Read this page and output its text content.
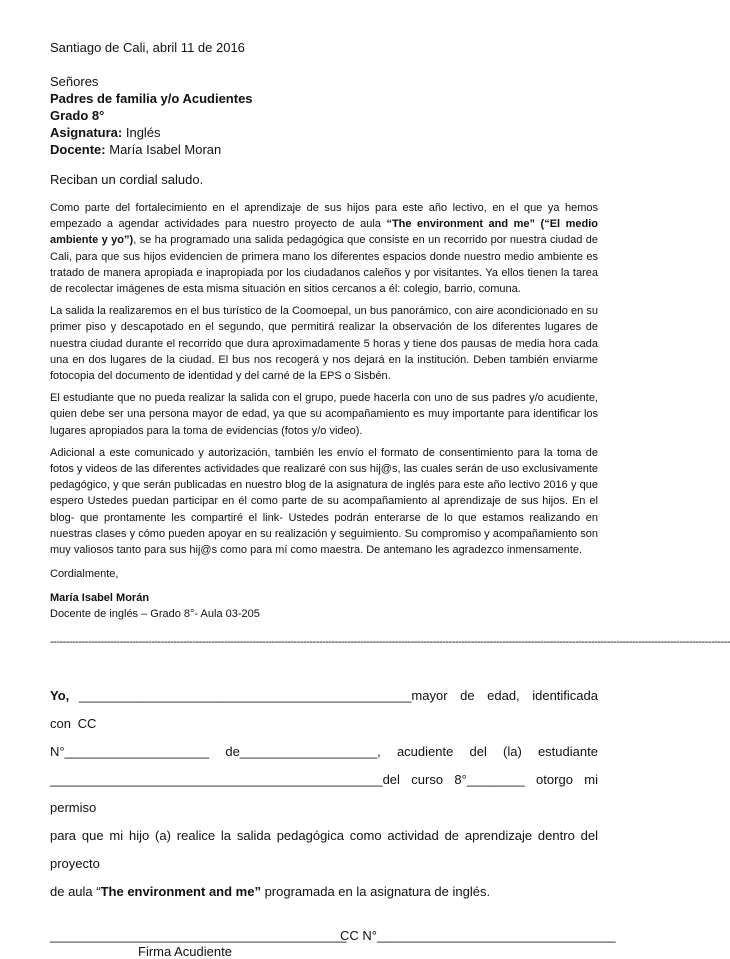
Santiago de Cali, abril 11 de 2016
Señores
Padres de familia y/o Acudientes
Grado 8°
Asignatura: Inglés
Docente: María Isabel Moran
Reciban un cordial saludo.

Como parte del fortalecimiento en el aprendizaje de sus hijos para este año lectivo, en el que ya hemos empezado a agendar actividades para nuestro proyecto de aula “The environment and me” (“El medio ambiente y yo”), se ha programado una salida pedagógica que consiste en un recorrido por nuestra ciudad de Cali, para que sus hijos evidencien de primera mano los diferentes espacios donde nuestro medio ambiente es tratado de manera apropiada e inapropiada por los ciudadanos caleños y por visitantes. Ya ellos tienen la tarea de recolectar imágenes de esta misma situación en sitios cercanos a él: colegio, barrio, comuna.

La salida la realizaremos en el bus turístico de la Coomoepal, un bus panorámico, con aire acondicionado en su primer piso y descapotado en el segundo, que permitirá realizar la observación de los diferentes lugares de nuestra ciudad durante el recorrido que dura aproximadamente 5 horas y tiene dos pausas de media hora cada una en dos lugares de la ciudad. El bus nos recogerá y nos dejará en la institución. Deben también enviarme fotocopia del documento de identidad y del carné de la EPS o Sisbén.

El estudiante que no pueda realizar la salida con el grupo, puede hacerla con uno de sus padres y/o acudiente, quien debe ser una persona mayor de edad, ya que su acompañamiento es muy importante para identificar los lugares apropiados para la toma de evidencias (fotos y/o video).

Adicional a este comunicado y autorización, también les envío el formato de consentimiento para la toma de fotos y videos de las diferentes actividades que realizaré con sus hij@s, las cuales serán de uso exclusivamente pedagógico, y que serán publicadas en nuestro blog de la asignatura de inglés para este año lectivo 2016 y que espero Ustedes puedan participar en él como parte de su acompañamiento al aprendizaje de sus hijos. En el blog- que prontamente les compartiré el link- Ustedes podrán enterarse de lo que estamos realizando en nuestras clases y cómo pueden apoyar en su realización y seguimiento. Su compromiso y acompañamiento son muy valiosos tanto para sus hij@s como para mí como maestra. De antemano les agradezco inmensamente.

Cordialmente,
María Isabel Morán
Docente de inglés – Grado 8°- Aula 03-205
-----------------------------------------------------------------------------------------------------------------------------------------------------------------------------------------------------------------------
Yo, ______________________________________________mayor de edad, identificada con CC
N°____________________ de___________________, acudiente del (la) estudiante
______________________________________________del curso 8°________ otorgo mi permiso
para que mi hijo (a) realice la salida pedagógica como actividad de aprendizaje dentro del proyecto
de aula “The environment and me” programada en la asignatura de inglés.
_________________________________________
CC N°_________________________________
Firma Acudiente
